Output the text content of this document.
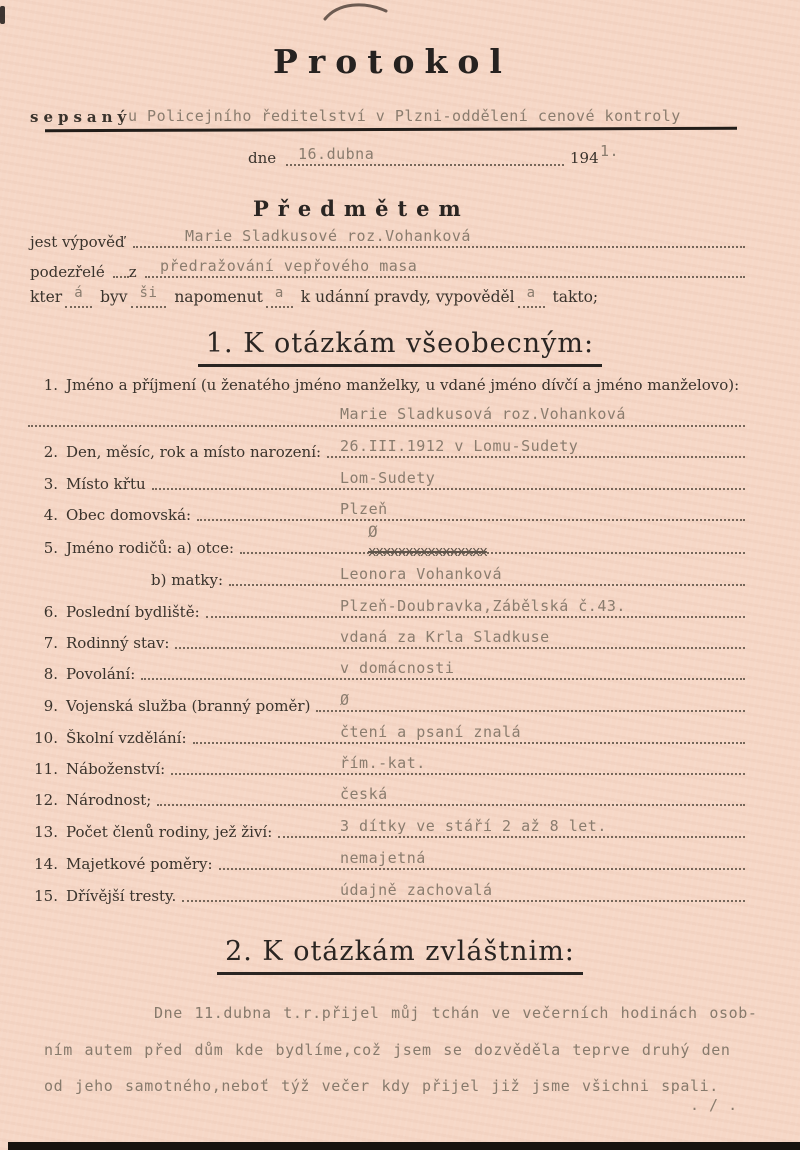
Protokol
sepsaný
u Policejního ředitelství v Plzni-oddělení cenové kontroly
dne 16.dubna	194 1.
Předmětem
jest výpověď	Marie Sladkusové roz.Vohanková
podezřelé	z	předražování vepřového masa
kter á byv ši napomenut a k udánní pravdy, vypověděl a takto;
1. K otázkám všeobecným:
1. Jméno a příjmení (u ženatého jméno manželky, u vdané jméno dívčí a jméno manželovo):
Marie Sladkusová roz.Vohanková
2. Den, měsíc, rok a místo narození:	26.III.1912 v Lomu-Sudety
3. Místo křtu	Lom-Sudety
4. Obec domovská:	Plzeň
5. Jméno rodičů: a) otce:
Ø
xxxxxxxxxxxxxxxx
b) matky:	Leonora Vohanková
6. Poslední bydliště:	Plzeň-Doubravka,Zábělská č.43.
7. Rodinný stav:	vdaná za Krla Sladkuse
8. Povolání:	v domácnosti
9. Vojenská služba (branný poměr)	Ø
10. Školní vzdělání:	čtení a psaní znalá
11. Náboženství:	řím.-kat.
12. Národnost;	česká
13. Počet členů rodiny, jež živí:	3 dítky ve stáří 2 až 8 let.
14. Majetkové poměry:	nemajetná
15. Dřívější tresty.	údajně zachovalá
2. K otázkám zvláštnim:
Dne 11.dubna t.r.přijel můj tchán ve večerních hodinách osob-
ním autem před dům kde bydlíme,což jsem se dozvěděla teprve druhý den
od jeho samotného,neboť týž večer kdy přijel již jsme všichni spali.
. / .
